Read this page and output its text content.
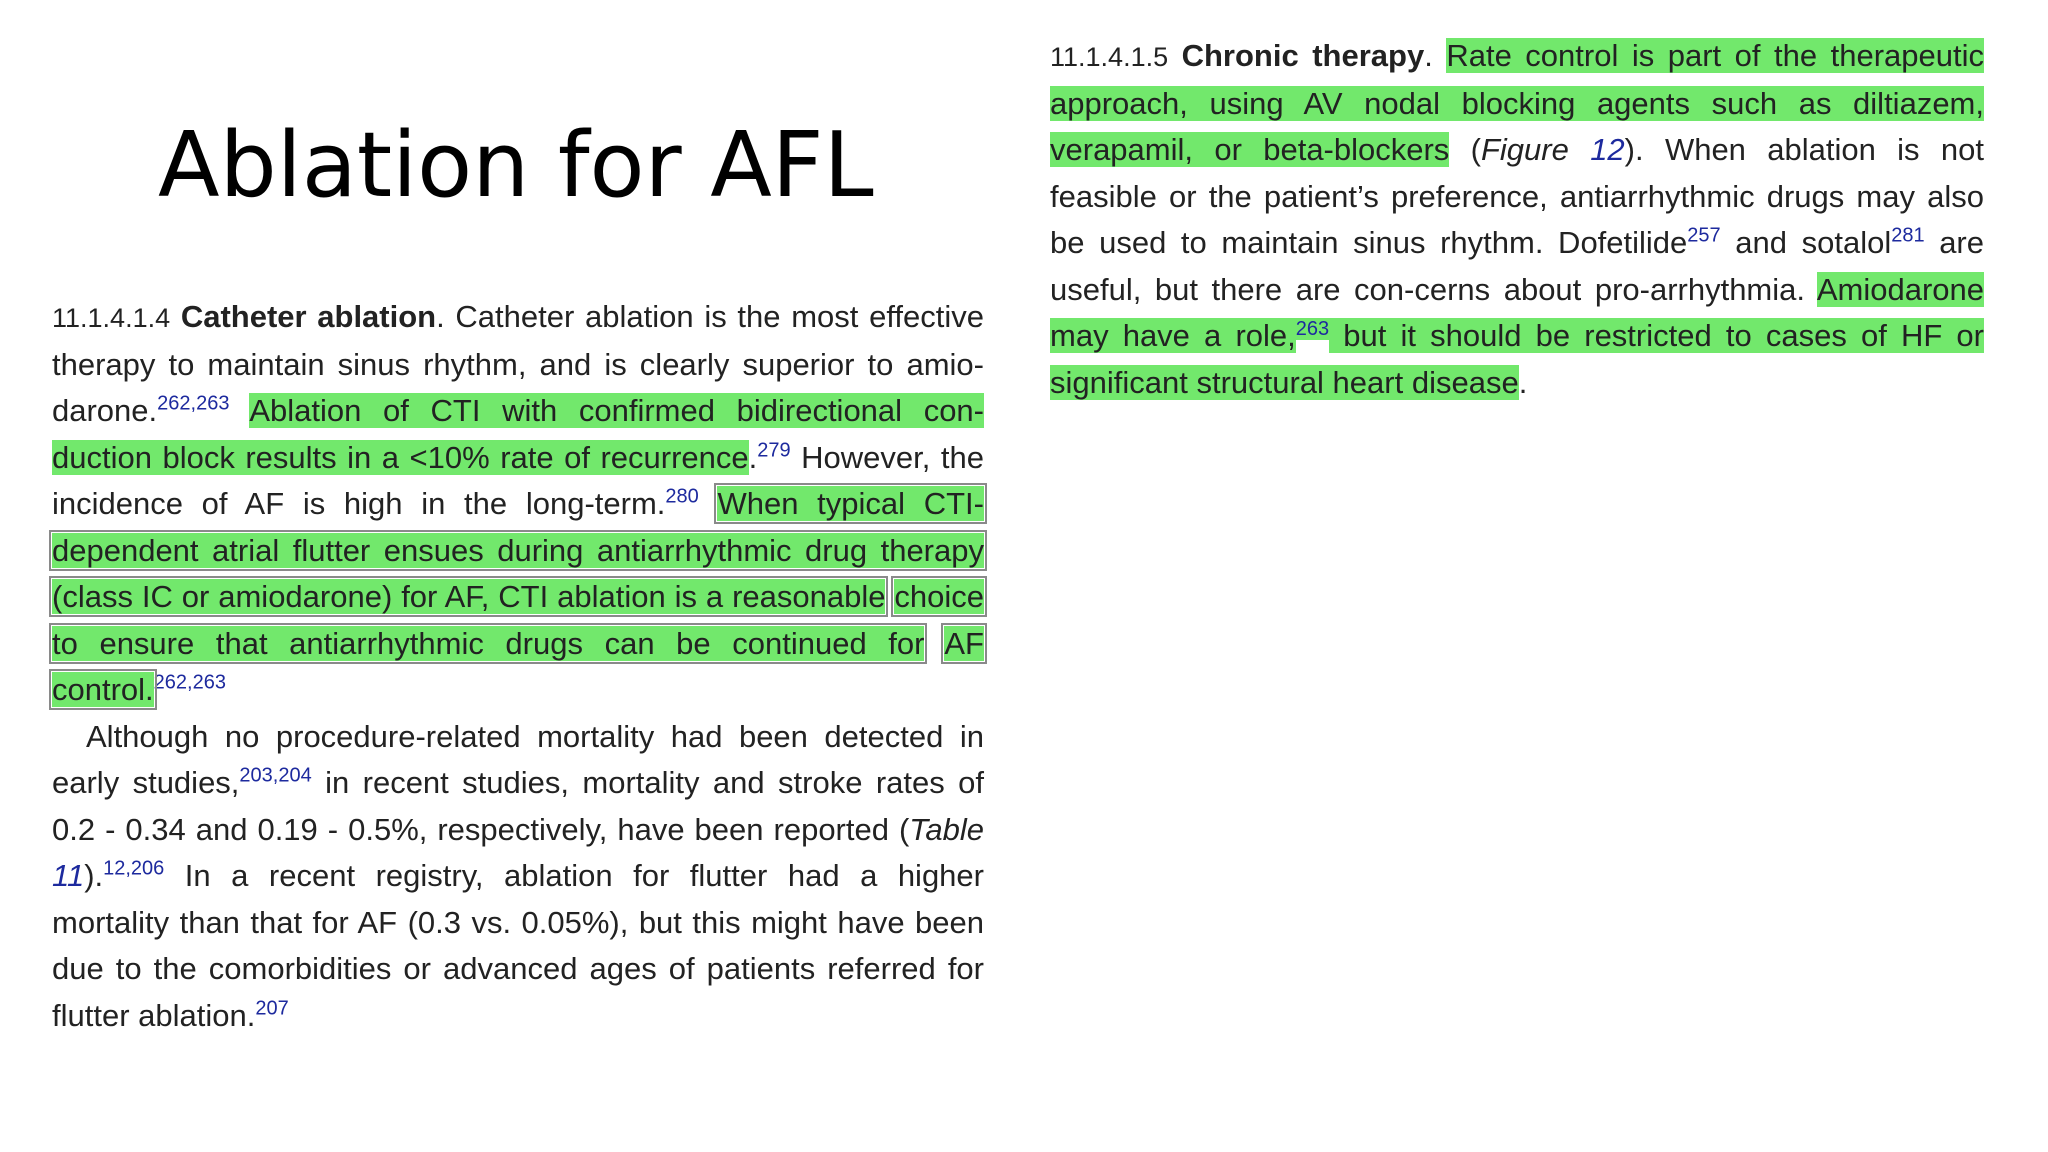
Ablation for AFL

11.1.4.1.4 Catheter ablation. Catheter ablation is the most effective therapy to maintain sinus rhythm, and is clearly superior to amio-darone.$^{262,263}$ Ablation of CTI with confirmed bidirectional con-duction block results in a <10% rate of recurrence.$^{279}$ However, the incidence of AF is high in the long-term.$^{280}$ When typical CTI- dependent atrial flutter ensues during antiarrhythmic drug therapy (class IC or amiodarone) for AF, CTI ablation is a reasonable choice to ensure that antiarrhythmic drugs can be continued for AF control.$^{262,263}$

Although no procedure-related mortality had been detected in early studies,$^{203,204}$ in recent studies, mortality and stroke rates of 0.2 - 0.34 and 0.19 - 0.5%, respectively, have been reported (Table 11).$^{12,206}$ In a recent registry, ablation for flutter had a higher mortality than that for AF (0.3 vs. 0.05%), but this might have been due to the comorbidities or advanced ages of patients referred for flutter ablation.$^{207}$

11.1.4.1.5 Chronic therapy. Rate control is part of the therapeutic approach, using AV nodal blocking agents such as diltiazem, verapamil, or beta-blockers (Figure 12). When ablation is not feasible or the patient’s preference, antiarrhythmic drugs may also be used to maintain sinus rhythm. Dofetilide$^{257}$ and sotalol$^{281}$ are useful, but there are con-cerns about pro-arrhythmia. Amiodarone may have a role,$^{263}$ but it should be restricted to cases of HF or significant structural heart disease.
